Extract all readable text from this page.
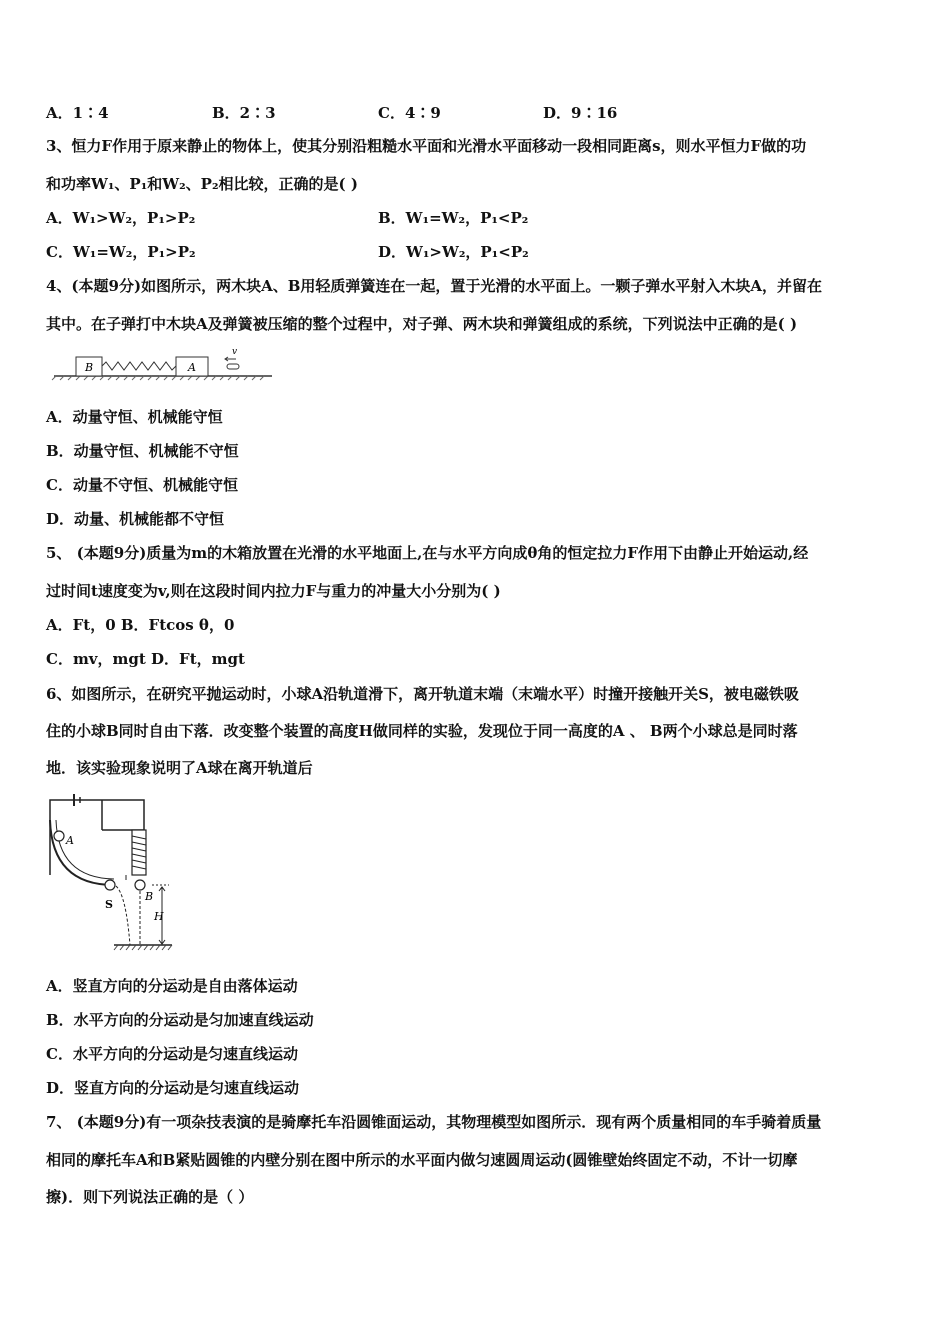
A．1∶4	B．2∶3	C．4∶9	D．9∶16
3、恒力F作用于原来静止的物体上，使其分别沿粗糙水平面和光滑水平面移动一段相同距离s，则水平恒力F做的功
和功率W₁、P₁和W₂、P₂相比较，正确的是( )
A．W₁>W₂，P₁>P₂	B．W₁=W₂，P₁<P₂
C．W₁=W₂，P₁>P₂	D．W₁>W₂，P₁<P₂
4、(本题9分)如图所示，两木块A、B用轻质弹簧连在一起，置于光滑的水平面上。一颗子弹水平射入木块A，并留在
其中。在子弹打中木块A及弹簧被压缩的整个过程中，对子弹、两木块和弹簧组成的系统，下列说法中正确的是( )
B	A
v
A．动量守恒、机械能守恒
B．动量守恒、机械能不守恒
C．动量不守恒、机械能守恒
D．动量、机械能都不守恒
5、 (本题9分)质量为m的木箱放置在光滑的水平地面上,在与水平方向成θ角的恒定拉力F作用下由静止开始运动,经
过时间t速度变为v,则在这段时间内拉力F与重力的冲量大小分别为( )
A．Ft，0 B．Ftcos θ，0
C．mv，mgt D．Ft，mgt
6、如图所示，在研究平抛运动时，小球A沿轨道滑下，离开轨道末端（末端水平）时撞开接触开关S，被电磁铁吸
住的小球B同时自由下落．改变整个装置的高度H做同样的实验，发现位于同一高度的A 、 B两个小球总是同时落
地．该实验现象说明了A球在离开轨道后
A
S
B
H
A．竖直方向的分运动是自由落体运动
B．水平方向的分运动是匀加速直线运动
C．水平方向的分运动是匀速直线运动
D．竖直方向的分运动是匀速直线运动
7、 (本题9分)有一项杂技表演的是骑摩托车沿圆锥面运动，其物理模型如图所示．现有两个质量相同的车手骑着质量
相同的摩托车A和B紧贴圆锥的内壁分别在图中所示的水平面内做匀速圆周运动(圆锥壁始终固定不动，不计一切摩
擦)．则下列说法正确的是（ ）
